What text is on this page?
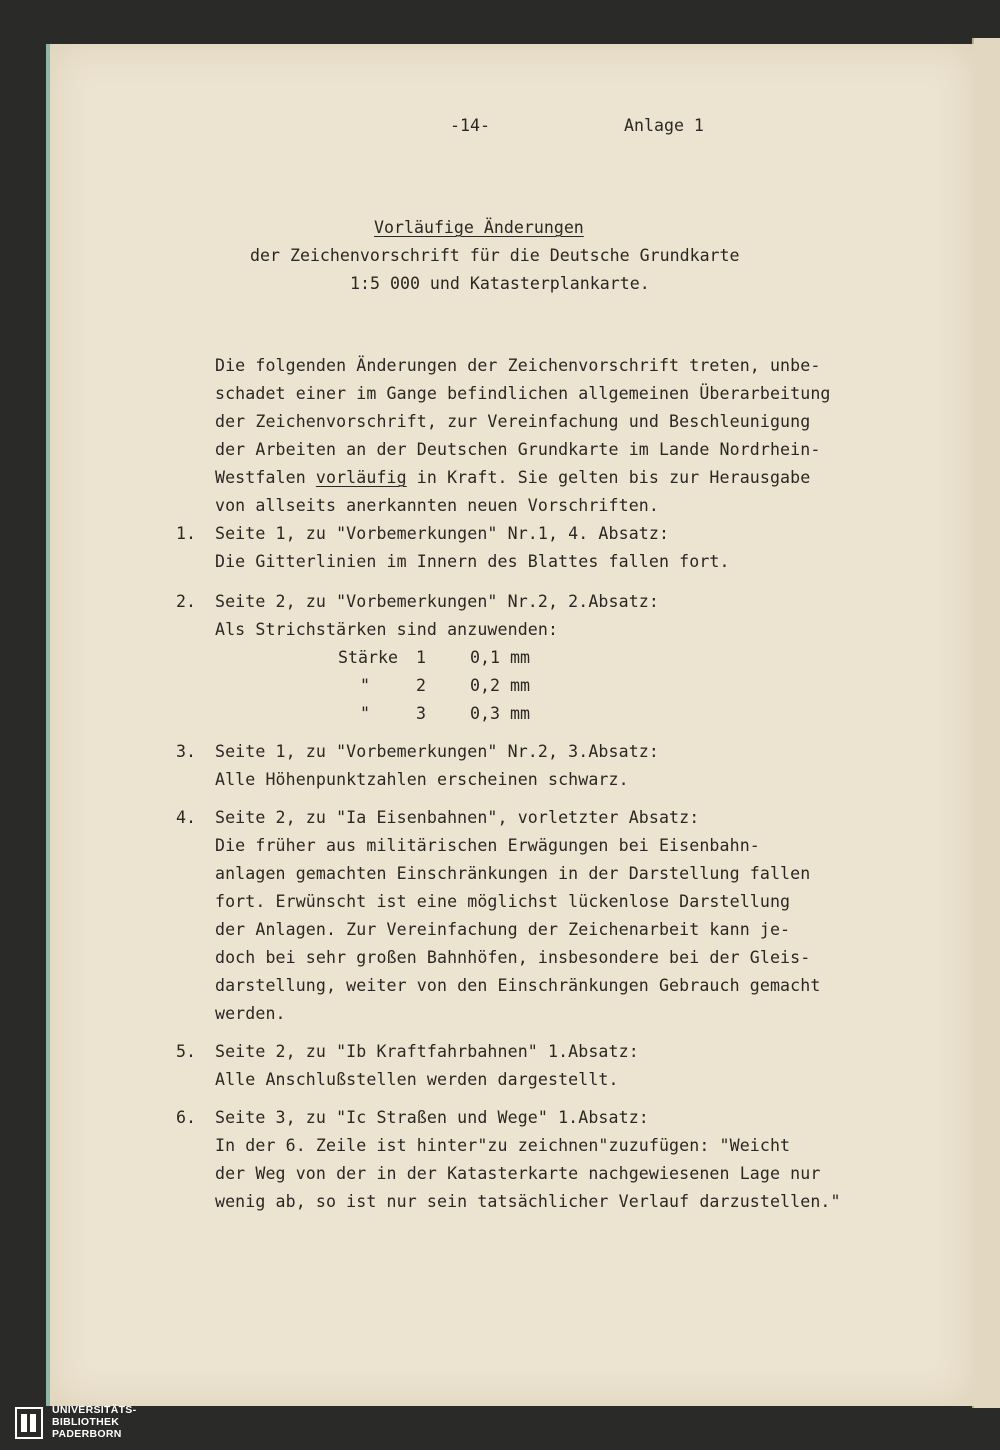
-14-	Anlage 1
Vorläufige Änderungen
der Zeichenvorschrift für die Deutsche Grundkarte
1:5 000 und Katasterplankarte.
Die folgenden Änderungen der Zeichenvorschrift treten, unbe-
schadet einer im Gange befindlichen allgemeinen Überarbeitung
der Zeichenvorschrift, zur Vereinfachung und Beschleunigung
der Arbeiten an der Deutschen Grundkarte im Lande Nordrhein-
Westfalen vorläufig in Kraft. Sie gelten bis zur Herausgabe
von allseits anerkannten neuen Vorschriften.
1. Seite 1, zu "Vorbemerkungen" Nr.1, 4. Absatz:
Die Gitterlinien im Innern des Blattes fallen fort.
2. Seite 2, zu "Vorbemerkungen" Nr.2, 2.Absatz:
Als Strichstärken sind anzuwenden:
Stärke 1	0,1 mm
"	2	0,2 mm
"	3	0,3 mm
3. Seite 1, zu "Vorbemerkungen" Nr.2, 3.Absatz:
Alle Höhenpunktzahlen erscheinen schwarz.
4. Seite 2, zu "Ia Eisenbahnen", vorletzter Absatz:
Die früher aus militärischen Erwägungen bei Eisenbahn-
anlagen gemachten Einschränkungen in der Darstellung fallen
fort. Erwünscht ist eine möglichst lückenlose Darstellung
der Anlagen. Zur Vereinfachung der Zeichenarbeit kann je-
doch bei sehr großen Bahnhöfen, insbesondere bei der Gleis-
darstellung, weiter von den Einschränkungen Gebrauch gemacht
werden.
5. Seite 2, zu "Ib Kraftfahrbahnen" 1.Absatz:
Alle Anschlußstellen werden dargestellt.
6. Seite 3, zu "Ic Straßen und Wege" 1.Absatz:
In der 6. Zeile ist hinter"zu zeichnen"zuzufügen: "Weicht
der Weg von der in der Katasterkarte nachgewiesenen Lage nur
wenig ab, so ist nur sein tatsächlicher Verlauf darzustellen."
UNIVERSITÄTS-
BIBLIOTHEK
PADERBORN
